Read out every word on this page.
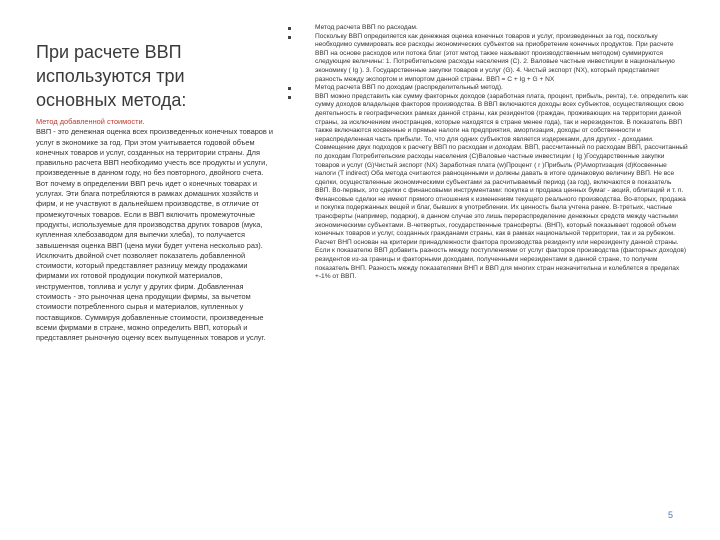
При расчете ВВП используются три основных метода:

Метод добавленной стоимости.

ВВП - это денежная оценка всех произведенных конечных товаров и услуг в экономике за год. При этом учитывается годовой объем конечных товаров и услуг, созданных на территории страны. Для правильно расчета ВВП необходимо учесть все продукты и услуги, произведенные в данном году, но без повторного, двойного счета. Вот почему в определении ВВП речь идет о конечных товарах и услугах. Эти блага потребляются в рамках домашних хозяйств и фирм, и не участвуют в дальнейшем производстве, в отличие от промежуточных товаров. Если в ВВП включить промежуточные продукты, используемые для производства других товаров (мука, купленная хлебозаводом для выпечки хлеба), то получается завышенная оценка ВВП (цена муки будет учтена несколько раз). Исключить двойной счет позволяет показатель добавленной стоимости, который представляет разницу между продажами фирмами их готовой продукции покупкой материалов, инструментов, топлива и услуг у других фирм. Добавленная стоимость - это рыночная цена продукции фирмы, за вычетом стоимости потребленного сырья и материалов, купленных у поставщиков. Суммируя добавленные стоимости, произведенные всеми фирмами в стране, можно определить ВВП, который и представляет рыночную оценку всех выпущенных товаров и услуг.

Метод расчета ВВП по расходам.
Поскольку ВВП определяется как денежная оценка конечных товаров и услуг, произведенных за год, поскольку необходимо суммировать все расходы экономических субъектов на приобретение конечных продуктов. При расчете ВВП на основе расходов или потока благ (этот метод также называют производственным методом) суммируются следующие величины: 1. Потребительские расходы населения (С). 2. Валовые частные инвестиции в национальную экономику ( Ig ). 3. Государственные закупки товаров и услуг (G). 4. Чистый экспорт (NX), который представляет разность между экспортом и импортом данной страны. ВВП = C + Ig + G + NX
Метод расчета ВВП по доходам (распределительный метод).
ВВП можно представить как сумму факторных доходов (заработная плата, процент, прибыль, рента), т.е. определить как сумму доходов владельцев факторов производства. В ВВП включаются доходы всех субъектов, осуществляющих свою деятельность в географических рамках данной страны, как резидентов (граждан, проживающих на территории данной страны, за исключением иностранцев, которые находятся в стране менее года), так и нерезидентов. В показатель ВВП также включаются косвенные и прямые налоги на предприятия, амортизация, доходы от собственности и нераспределенная часть прибыли. То, что для одних субъектов является издержками, для других - доходами. Совмещение двух подходов к расчету ВВП по расходам и доходам. ВВП, рассчитанный по расходам ВВП, рассчитанный по доходам Потребительские расходы населения (С)Валовые частные инвестиции ( Ig )Государственные закупки товаров и услуг (G)Чистый экспорт (NX) Заработная плата (w)Процент ( r )Прибыль (P)Амортизация (d)Косвенные налоги (T indirect) Оба метода считаются равноценными и должны давать в итоге одинаковую величину ВВП. Не все сделки, осуществленные экономическими субъектами за расчитываемый период (за год), включаются в показатель ВВП. Во-первых, это сделки с финансовыми инструментами: покупка и продажа ценных бумаг - акций, облигаций и т. п. Финансовые сделки не имеют прямого отношения к изменениям текущего реального производства. Во-вторых, продажа и покупка подержанных вещей и благ, бывших в употреблении. Их ценность была учтена ранее. В-третьих, частные трансферты (например, подарки), в данном случае это лишь перераспределение денежных средств между частными экономическими субъектами. В-четвертых, государственные трансферты. (ВНП), который показывает годовой объем конечных товаров и услуг, созданных гражданами страны, как в рамках национальной территории, так и за рубежом. Расчет ВНП основан на критерии принадлежности фактора производства резиденту или нерезиденту данной страны. Если к показателю ВВП добавить разность между поступлениями от услуг факторов производства (факторных доходов) резидентов из-за границы и факторными доходами, полученными нерезидентами в данной стране, то получим показатель ВНП. Разность между показателями ВНП и ВВП для многих стран незначительна и колеблется в пределах +-1% от ВВП.
5
